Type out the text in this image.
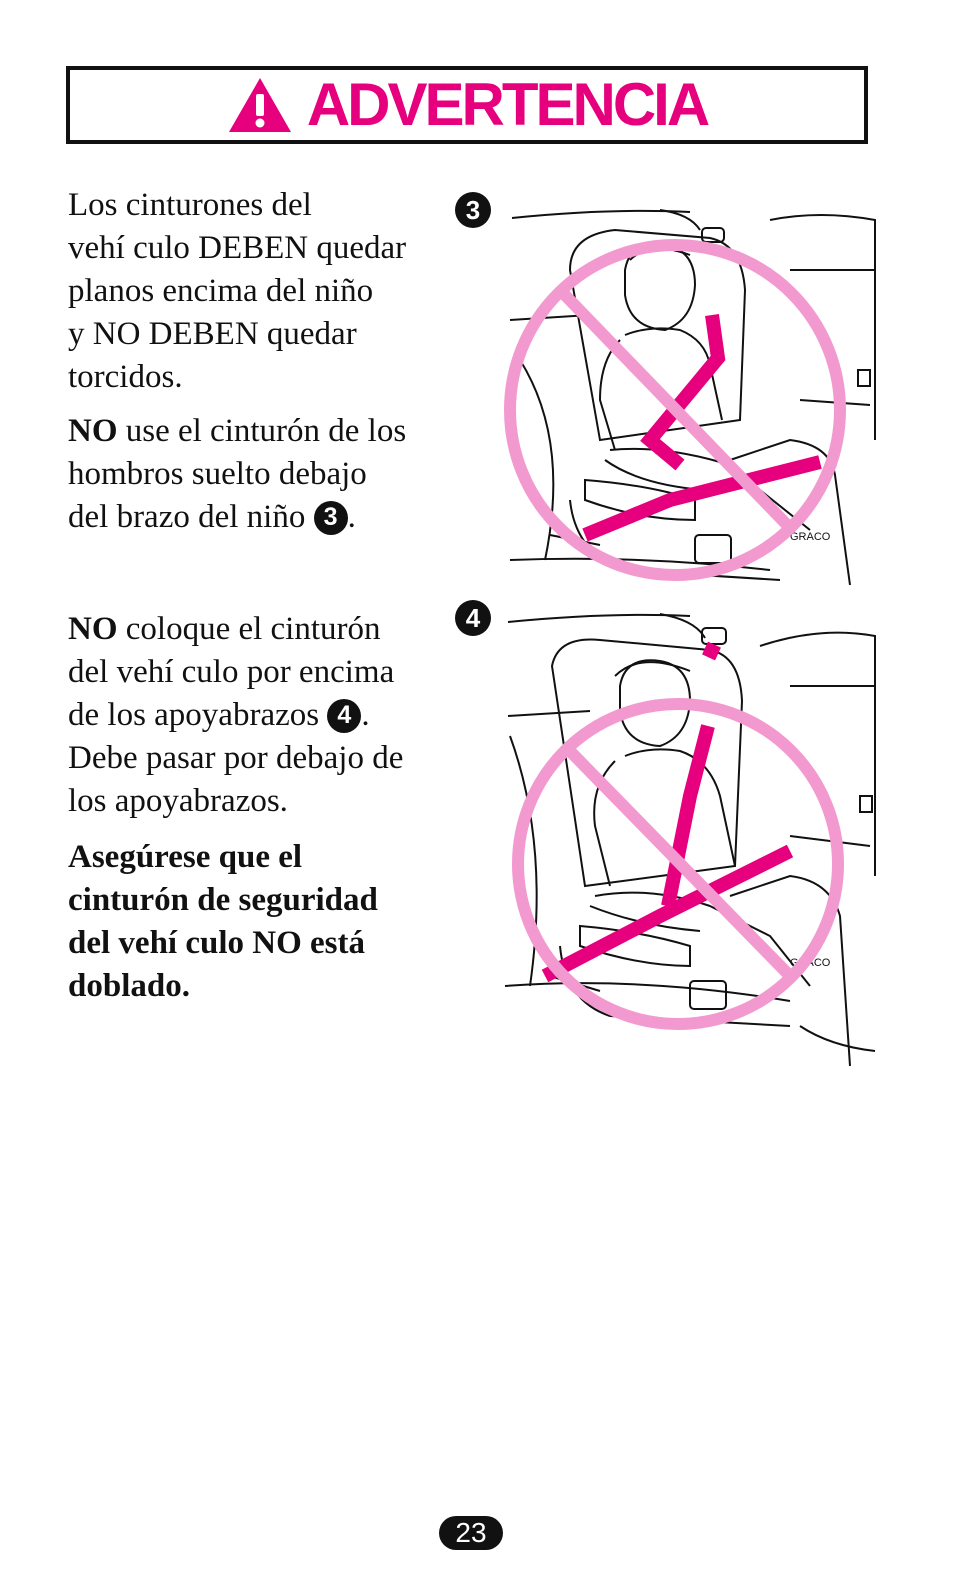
ADVERTENCIA

Los cinturones del
vehí culo DEBEN quedar
planos encima del niño
y NO DEBEN quedar
torcidos.

NO use el cinturón de los
hombros suelto debajo
del brazo del niño 3 .

NO coloque el cinturón
del vehí culo por encima
de los apoyabrazos 4 .
Debe pasar por debajo de
los apoyabrazos.

Asegúrese que el
cinturón de seguridad
del vehí culo NO está
doblado.

3
GRACO
4
GRACO
23
